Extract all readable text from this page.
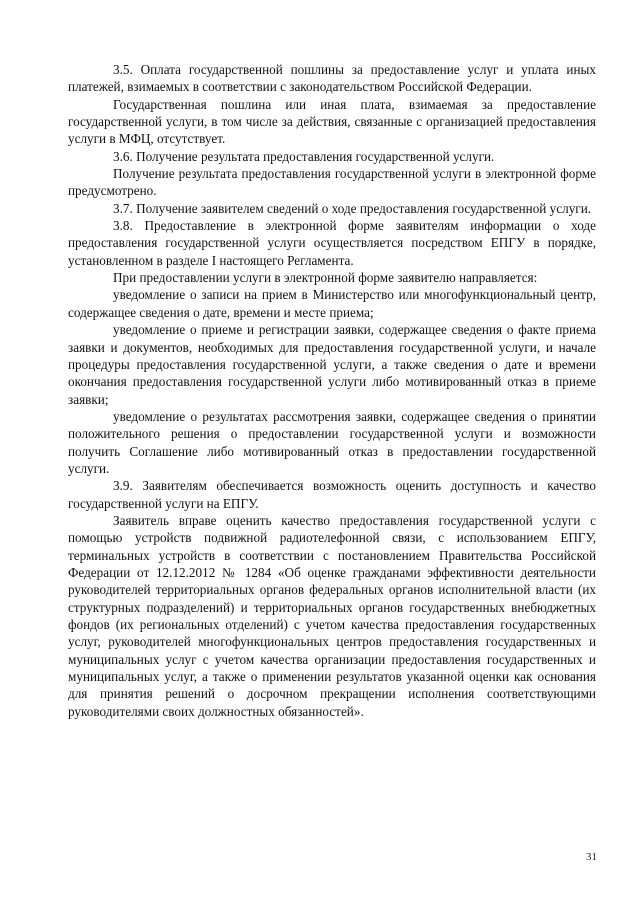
3.5. Оплата государственной пошлины за предоставление услуг и уплата иных платежей, взимаемых в соответствии с законодательством Российской Федерации.

Государственная пошлина или иная плата, взимаемая за предоставление государственной услуги, в том числе за действия, связанные с организацией предоставления услуги в МФЦ, отсутствует.

3.6. Получение результата предоставления государственной услуги.

Получение результата предоставления государственной услуги в электронной форме предусмотрено.

3.7. Получение заявителем сведений о ходе предоставления государственной услуги.

3.8. Предоставление в электронной форме заявителям информации о ходе предоставления государственной услуги осуществляется посредством ЕПГУ в порядке, установленном в разделе I настоящего Регламента.

При предоставлении услуги в электронной форме заявителю направляется:

уведомление о записи на прием в Министерство или многофункциональный центр, содержащее сведения о дате, времени и месте приема;

уведомление о приеме и регистрации заявки, содержащее сведения о факте приема заявки и документов, необходимых для предоставления государственной услуги, и начале процедуры предоставления государственной услуги, а также сведения о дате и времени окончания предоставления государственной услуги либо мотивированный отказ в приеме заявки;

уведомление о результатах рассмотрения заявки, содержащее сведения о принятии положительного решения о предоставлении государственной услуги и возможности получить Соглашение либо мотивированный отказ в предоставлении государственной услуги.

3.9. Заявителям обеспечивается возможность оценить доступность и качество государственной услуги на ЕПГУ.

Заявитель вправе оценить качество предоставления государственной услуги с помощью устройств подвижной радиотелефонной связи, с использованием ЕПГУ, терминальных устройств в соответствии с постановлением Правительства Российской Федерации от 12.12.2012 № 1284 «Об оценке гражданами эффективности деятельности руководителей территориальных органов федеральных органов исполнительной власти (их структурных подразделений) и территориальных органов государственных внебюджетных фондов (их региональных отделений) с учетом качества предоставления государственных услуг, руководителей многофункциональных центров предоставления государственных и муниципальных услуг с учетом качества организации предоставления государственных и муниципальных услуг, а также о применении результатов указанной оценки как основания для принятия решений о досрочном прекращении исполнения соответствующими руководителями своих должностных обязанностей».

31
